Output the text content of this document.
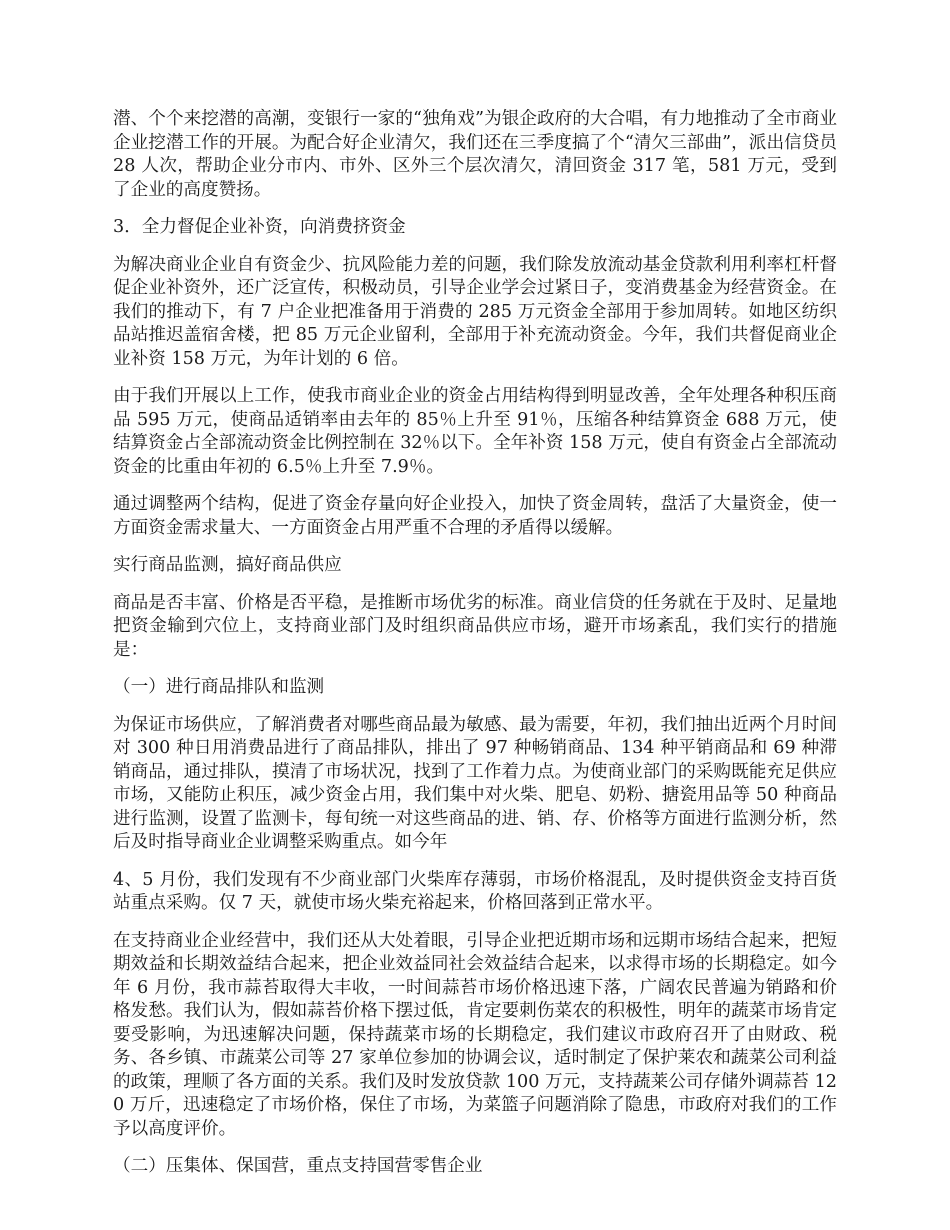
潜、个个来挖潜的高潮，变银行一家的“独角戏”为银企政府的大合唱，有力地推动了全市商业企业挖潜工作的开展。为配合好企业清欠，我们还在三季度搞了个“清欠三部曲”，派出信贷员 28 人次，帮助企业分市内、市外、区外三个层次清欠，清回资金 317 笔，581 万元，受到了企业的高度赞扬。

3．全力督促企业补资，向消费挤资金

为解决商业企业自有资金少、抗风险能力差的问题，我们除发放流动基金贷款利用利率杠杆督促企业补资外，还广泛宣传，积极动员，引导企业学会过紧日子，变消费基金为经营资金。在我们的推动下，有 7 户企业把准备用于消费的 285 万元资金全部用于参加周转。如地区纺织品站推迟盖宿舍楼，把 85 万元企业留利，全部用于补充流动资金。今年，我们共督促商业企业补资 158 万元，为年计划的 6 倍。

由于我们开展以上工作，使我市商业企业的资金占用结构得到明显改善，全年处理各种积压商品 595 万元，使商品适销率由去年的 85％上升至 91％，压缩各种结算资金 688 万元，使结算资金占全部流动资金比例控制在 32％以下。全年补资 158 万元，使自有资金占全部流动资金的比重由年初的 6.5％上升至 7.9％。

通过调整两个结构，促进了资金存量向好企业投入，加快了资金周转，盘活了大量资金，使一方面资金需求量大、一方面资金占用严重不合理的矛盾得以缓解。

实行商品监测，搞好商品供应

商品是否丰富、价格是否平稳，是推断市场优劣的标准。商业信贷的任务就在于及时、足量地把资金输到穴位上，支持商业部门及时组织商品供应市场，避开市场紊乱，我们实行的措施是：

（一）进行商品排队和监测

为保证市场供应，了解消费者对哪些商品最为敏感、最为需要，年初，我们抽出近两个月时间对 300 种日用消费品进行了商品排队，排出了 97 种畅销商品、134 种平销商品和 69 种滞销商品，通过排队，摸清了市场状况，找到了工作着力点。为使商业部门的采购既能充足供应市场，又能防止积压，减少资金占用，我们集中对火柴、肥皂、奶粉、搪瓷用品等 50 种商品进行监测，设置了监测卡，每旬统一对这些商品的进、销、存、价格等方面进行监测分析，然后及时指导商业企业调整采购重点。如今年

4、5 月份，我们发现有不少商业部门火柴库存薄弱，市场价格混乱，及时提供资金支持百货站重点采购。仅 7 天，就使市场火柴充裕起来，价格回落到正常水平。

在支持商业企业经营中，我们还从大处着眼，引导企业把近期市场和远期市场结合起来，把短期效益和长期效益结合起来，把企业效益同社会效益结合起来，以求得市场的长期稳定。如今年 6 月份，我市蒜苔取得大丰收，一时间蒜苔市场价格迅速下落，广阔农民普遍为销路和价格发愁。我们认为，假如蒜苔价格下摆过低，肯定要刺伤菜农的积极性，明年的蔬菜市场肯定要受影响，为迅速解决问题，保持蔬菜市场的长期稳定，我们建议市政府召开了由财政、税务、各乡镇、市蔬菜公司等 27 家单位参加的协调会议，适时制定了保护莱农和蔬菜公司利益的政策，理顺了各方面的关系。我们及时发放贷款 100 万元，支持蔬莱公司存储外调蒜苔 120 万斤，迅速稳定了市场价格，保住了市场，为菜篮子问题消除了隐患，市政府对我们的工作予以高度评价。

（二）压集体、保国营，重点支持国营零售企业
